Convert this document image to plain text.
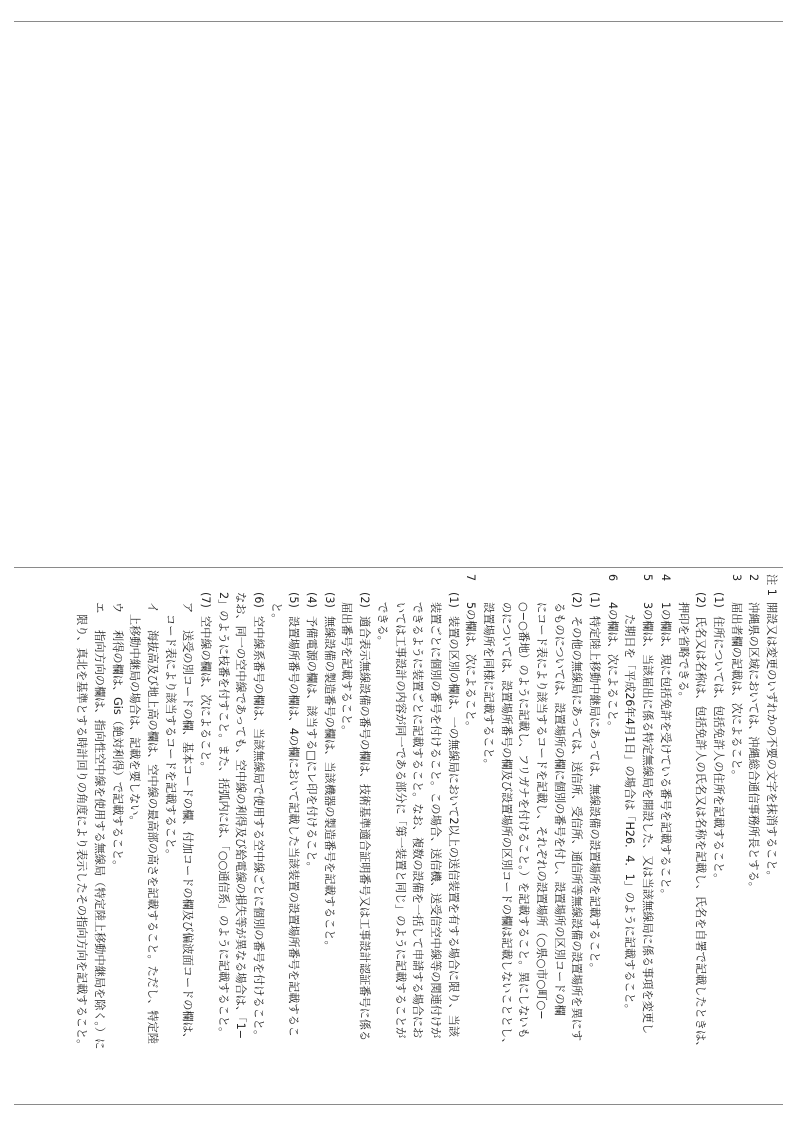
注 1開設又は変更のいずれかの不要の文字を抹消すること。
2沖縄県の区域においては、沖縄総合通信事務所長とする。
3届出者欄の記載は、次によること。
(1)住所については、包括免許人の住所を記載すること。
(2)氏名又は名称は、包括免許人の氏名又は名称を記載し、氏名を自署で記載したときは、
押印を省略できる。
41の欄は、現に包括免許を受けている番号を記載すること。
53の欄は、当該届出に係る特定無線局を開設した、又は当該無線局に係る事項を変更し
た期日を「平成26年4月1日」の場合は「H26．4．1」のように記載すること。
64の欄は、次によること。
(1)特定陸上移動中継局にあっては、無線設備の設置場所を記載すること。
(2)その他の無線局にあっては、送信所、受信所、通信所等無線設備の設置場所を異にす
るものについては、設置場所の欄に個別の番号を付し、設置場所の区別コードの欄
にコード表により該当するコードを記載し、それぞれの設置場所（○県○市○町○−
○−○番地）のように記載し、フリガナを付けること。）を記載すること。異にしないも
のについては、設置場所番号の欄及び設置場所の区別コードの欄は記載しないこととし、
設置場所を同様に記載すること。
75の欄は、次によること。
(1)装置の区別の欄は、一の無線局において2以上の送信装置を有する場合に限り、当該
装置ごとに個別の番号を付けること。この場合、送信機、送受信空中線等の関連付けが
できるように装置ごとに記載すること。なお、複数の設備を一括して申請する場合にお
いては工事設計の内容が同一である部分に「第一装置と同じ」のように記載することが
できる。
(2)適合表示無線設備の番号の欄は、技術基準適合証明番号又は工事設計認証番号に係る
届出番号を記載すること。
(3)無線設備の製造番号の欄は、当該機器の製造番号を記載すること。
(4)予備電源の欄は、該当する□にレ印を付けること。
(5)設置場所番号の欄は、4の欄において記載した当該装置の設置場所番号を記載するこ
と。
(6)空中線系番号の欄は、当該無線局で使用する空中線ごとに個別の番号を付けること。
なお、同一の空中線であっても、空中線の利得及び給電線の損失等が異なる場合は、「1−
2」のように枝番を付すこと。また、括弧内には、「○○通信系」のように記載すること。
(7)空中線の欄は、次によること。
ア送受の別コードの欄、基本コードの欄、付加コードの欄及び偏波面コードの欄は、
コード表により該当するコードを記載すること。
イ海抜高及び地上高の欄は、空中線の最高部の高さを記載すること。ただし、特定陸
上移動中継局の場合は、記載を要しない。
ウ利得の欄は、Gis（絶対利得）で記載すること。
エ指向方向の欄は、指向性空中線を使用する無線局（特定陸上移動中継局を除く。）に
限り、真北を基準とする時計回りの角度により表示したその指向方向を記載すること。
